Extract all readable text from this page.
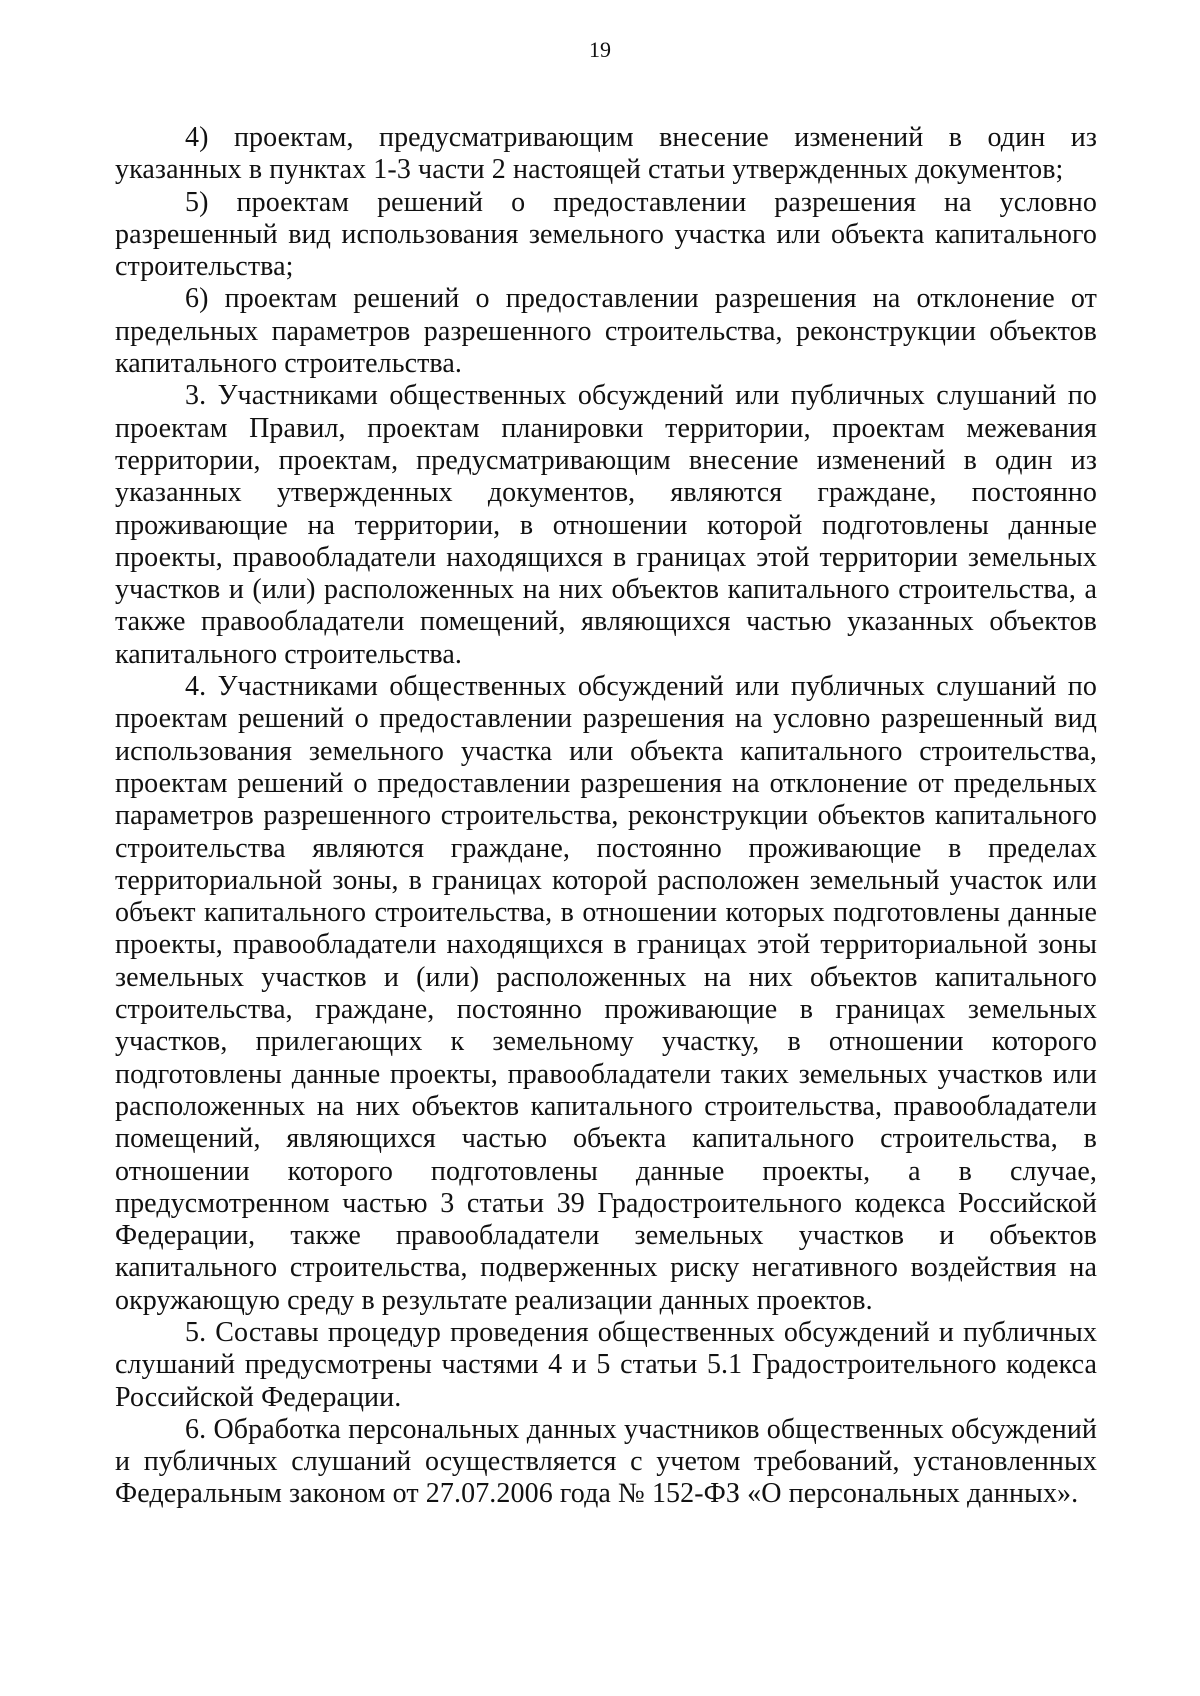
19

4) проектам, предусматривающим внесение изменений в один из указанных в пунктах 1-3 части 2 настоящей статьи утвержденных документов;

5) проектам решений о предоставлении разрешения на условно разрешенный вид использования земельного участка или объекта капитального строительства;

6) проектам решений о предоставлении разрешения на отклонение от предельных параметров разрешенного строительства, реконструкции объектов капитального строительства.

3. Участниками общественных обсуждений или публичных слушаний по проектам Правил, проектам планировки территории, проектам межевания территории, проектам, предусматривающим внесение изменений в один из указанных утвержденных документов, являются граждане, постоянно проживающие на территории, в отношении которой подготовлены данные проекты, правообладатели находящихся в границах этой территории земельных участков и (или) расположенных на них объектов капитального строительства, а также правообладатели помещений, являющихся частью указанных объектов капитального строительства.

4. Участниками общественных обсуждений или публичных слушаний по проектам решений о предоставлении разрешения на условно разрешенный вид использования земельного участка или объекта капитального строительства, проектам решений о предоставлении разрешения на отклонение от предельных параметров разрешенного строительства, реконструкции объектов капитального строительства являются граждане, постоянно проживающие в пределах территориальной зоны, в границах которой расположен земельный участок или объект капитального строительства, в отношении которых подготовлены данные проекты, правообладатели находящихся в границах этой территориальной зоны земельных участков и (или) расположенных на них объектов капитального строительства, граждане, постоянно проживающие в границах земельных участков, прилегающих к земельному участку, в отношении которого подготовлены данные проекты, правообладатели таких земельных участков или расположенных на них объектов капитального строительства, правообладатели помещений, являющихся частью объекта капитального строительства, в отношении которого подготовлены данные проекты, а в случае, предусмотренном частью 3 статьи 39 Градостроительного кодекса Российской Федерации, также правообладатели земельных участков и объектов капитального строительства, подверженных риску негативного воздействия на окружающую среду в результате реализации данных проектов.

5. Составы процедур проведения общественных обсуждений и публичных слушаний предусмотрены частями 4 и 5 статьи 5.1 Градостроительного кодекса Российской Федерации.

6. Обработка персональных данных участников общественных обсуждений и публичных слушаний осуществляется с учетом требований, установленных Федеральным законом от 27.07.2006 года № 152-ФЗ «О персональных данных».
